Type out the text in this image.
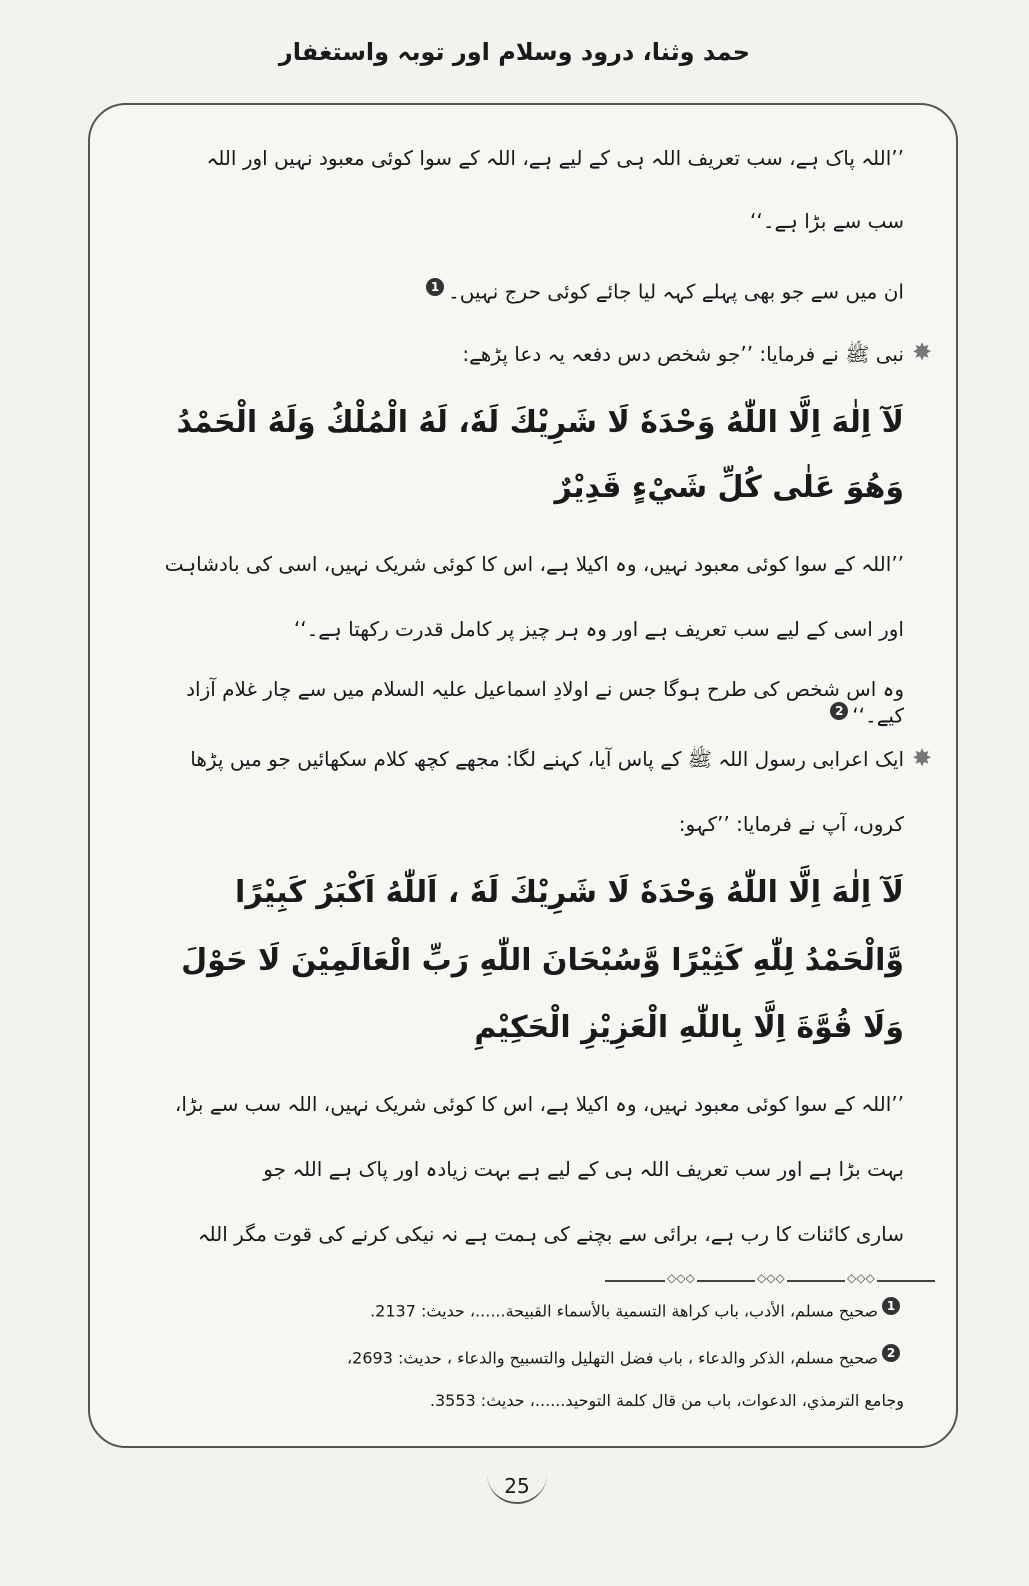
حمد وثنا، درود وسلام اور توبہ واستغفار
’’اللہ پاک ہے، سب تعریف اللہ ہی کے لیے ہے، اللہ کے سوا کوئی معبود نہیں اور اللہ
سب سے بڑا ہے۔‘‘
ان میں سے جو بھی پہلے کہہ لیا جائے کوئی حرج نہیں۔1
✸
نبی ﷺ نے فرمایا: ’’جو شخص دس دفعہ یہ دعا پڑھے:
لَآ اِلٰهَ اِلَّا اللّٰهُ وَحْدَهٗ لَا شَرِيْكَ لَهٗ، لَهُ الْمُلْكُ وَلَهُ الْحَمْدُ
وَهُوَ عَلٰى كُلِّ شَيْءٍ قَدِيْرٌ
’’اللہ کے سوا کوئی معبود نہیں، وہ اکیلا ہے، اس کا کوئی شریک نہیں، اسی کی بادشاہت
اور اسی کے لیے سب تعریف ہے اور وہ ہر چیز پر کامل قدرت رکھتا ہے۔‘‘
وہ اس شخص کی طرح ہوگا جس نے اولادِ اسماعیل علیہ السلام میں سے چار غلام آزاد کیے۔‘‘2
✸
ایک اعرابی رسول اللہ ﷺ کے پاس آیا، کہنے لگا: مجھے کچھ کلام سکھائیں جو میں پڑھا
کروں، آپ نے فرمایا: ’’کہو:
لَآ اِلٰهَ اِلَّا اللّٰهُ وَحْدَهٗ لَا شَرِيْكَ لَهٗ ، اَللّٰهُ اَكْبَرُ كَبِيْرًا
وَّالْحَمْدُ لِلّٰهِ كَثِيْرًا وَّسُبْحَانَ اللّٰهِ رَبِّ الْعَالَمِيْنَ لَا حَوْلَ
وَلَا قُوَّةَ اِلَّا بِاللّٰهِ الْعَزِيْزِ الْحَكِيْمِ
’’اللہ کے سوا کوئی معبود نہیں، وہ اکیلا ہے، اس کا کوئی شریک نہیں، اللہ سب سے بڑا،
بہت بڑا ہے اور سب تعریف اللہ ہی کے لیے ہے بہت زیادہ اور پاک ہے اللہ جو
ساری کائنات کا رب ہے، برائی سے بچنے کی ہمت ہے نہ نیکی کرنے کی قوت مگر اللہ
◇◇◇	◇◇◇	◇◇◇
1صحيح مسلم، الأدب، باب كراهة التسمية بالأسماء القبيحة......، حديث: 2137.
2صحيح مسلم، الذكر والدعاء ، باب فضل التهليل والتسبيح والدعاء ، حديث: 2693،
وجامع الترمذي، الدعوات، باب من قال كلمة التوحيد......، حديث: 3553.
25
